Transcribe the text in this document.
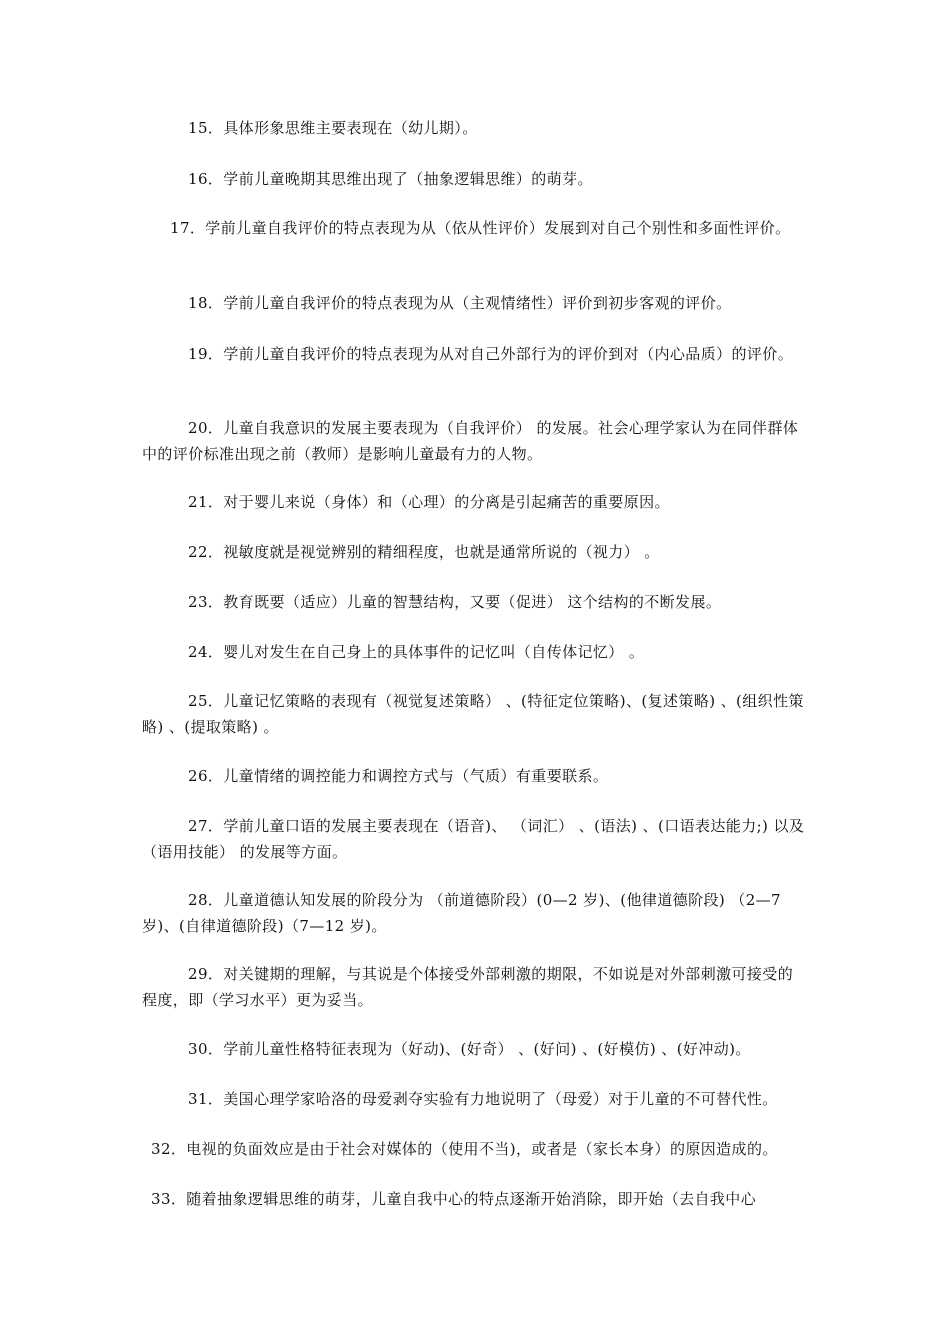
15．具体形象思维主要表现在（幼儿期）。

16．学前儿童晚期其思维出现了（抽象逻辑思维）的萌芽。

17．学前儿童自我评价的特点表现为从（依从性评价）发展到对自己个别性和多面性评价。

18．学前儿童自我评价的特点表现为从（主观情绪性）评价到初步客观的评价。

19．学前儿童自我评价的特点表现为从对自己外部行为的评价到对（内心品质）的评价。

20．儿童自我意识的发展主要表现为（自我评价） 的发展。社会心理学家认为在同伴群体中的评价标准出现之前（教师）是影响儿童最有力的人物。

21．对于婴儿来说（身体）和（心理）的分离是引起痛苦的重要原因。

22．视敏度就是视觉辨别的精细程度，也就是通常所说的（视力） 。

23．教育既要（适应）儿童的智慧结构，又要（促进） 这个结构的不断发展。

24．婴儿对发生在自己身上的具体事件的记忆叫（自传体记忆） 。

25．儿童记忆策略的表现有（视觉复述策略） 、(特征定位策略)、(复述策略) 、(组织性策略) 、(提取策略) 。

26．儿童情绪的调控能力和调控方式与（气质）有重要联系。

27．学前儿童口语的发展主要表现在（语音)、 （词汇） 、(语法) 、(口语表达能力;) 以及 （语用技能） 的发展等方面。

28．儿童道德认知发展的阶段分为 （前道德阶段）(0—2 岁)、(他律道德阶段) （2—7 岁)、(自律道德阶段)（7—12 岁)。

29．对关键期的理解，与其说是个体接受外部刺激的期限，不如说是对外部刺激可接受的程度，即（学习水平）更为妥当。

30．学前儿童性格特征表现为（好动)、(好奇） 、(好问) 、(好模仿) 、(好冲动)。

31．美国心理学家哈洛的母爱剥夺实验有力地说明了（母爱）对于儿童的不可替代性。

32．电视的负面效应是由于社会对媒体的（使用不当)，或者是（家长本身）的原因造成的。

33．随着抽象逻辑思维的萌芽，儿童自我中心的特点逐渐开始消除，即开始（去自我中心
